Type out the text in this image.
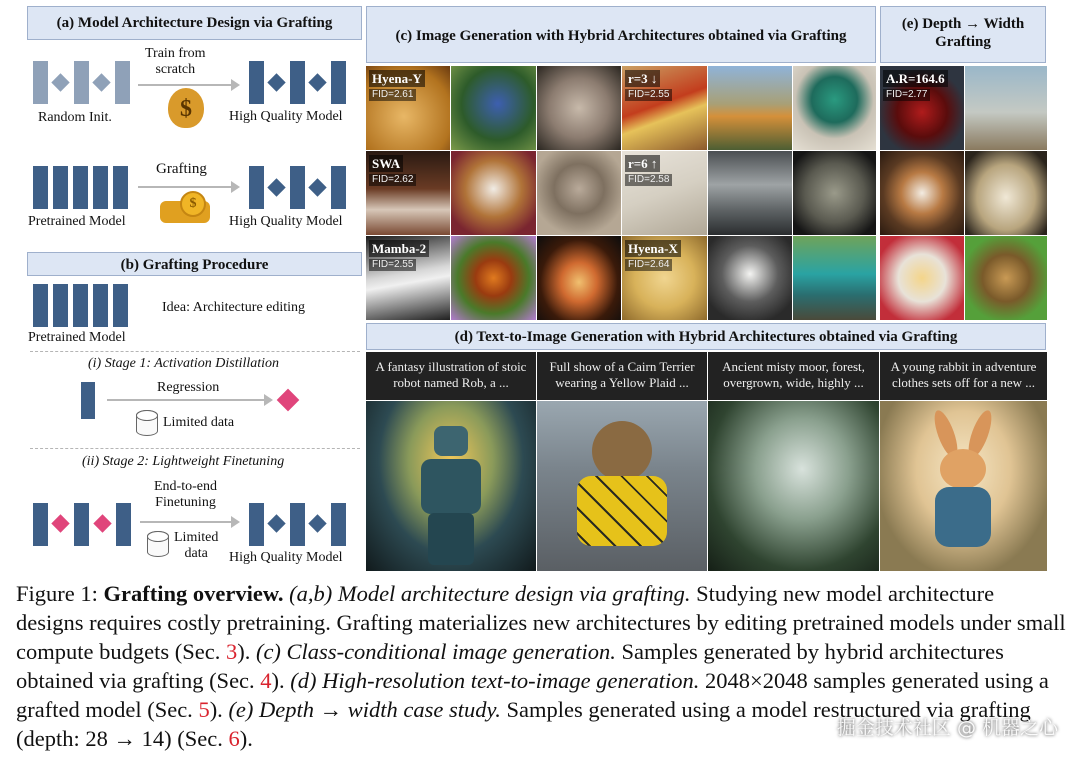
(a) Model Architecture Design via Grafting
Random Init.
Train from
scratch
$	High Quality Model
Pretrained Model
Grafting
$
High Quality Model
(b) Grafting Procedure
Pretrained Model
Idea: Architecture editing
(i) Stage 1: Activation Distillation
Regression
Limited data
(ii) Stage 2: Lightweight Finetuning
End-to-end
Finetuning
Limited
data	High Quality Model
(c) Image Generation with Hybrid Architectures obtained via Grafting
Hyena-Y
FID=2.61
r=3 ↓
FID=2.55
SWA
FID=2.62
r=6 ↑
FID=2.58
Mamba-2
FID=2.55
Hyena-X
FID=2.64
(e) Depth → Width Grafting
A.R=164.6
FID=2.77
(d) Text-to-Image Generation with Hybrid Architectures obtained via Grafting
A fantasy illustration of stoic robot named Rob, a ...
Full show of a Cairn Terrier wearing a Yellow Plaid ...
Ancient misty moor, forest, overgrown, wide, highly ...
A young rabbit in adventure clothes sets off for a new ...
Figure 1: Grafting overview. (a,b) Model architecture design via grafting. Studying new model architecture designs requires costly pretraining. Grafting materializes new architectures by editing pretrained models under small compute budgets (Sec. 3). (c) Class-conditional image generation. Samples generated by hybrid architectures obtained via grafting (Sec. 4). (d) High-resolution text-to-image generation. 2048×2048 samples generated using a grafted model (Sec. 5). (e) Depth → width case study. Samples generated using a model restructured via grafting (depth: 28 → 14) (Sec. 6).	掘金技术社区 @ 机器之心
